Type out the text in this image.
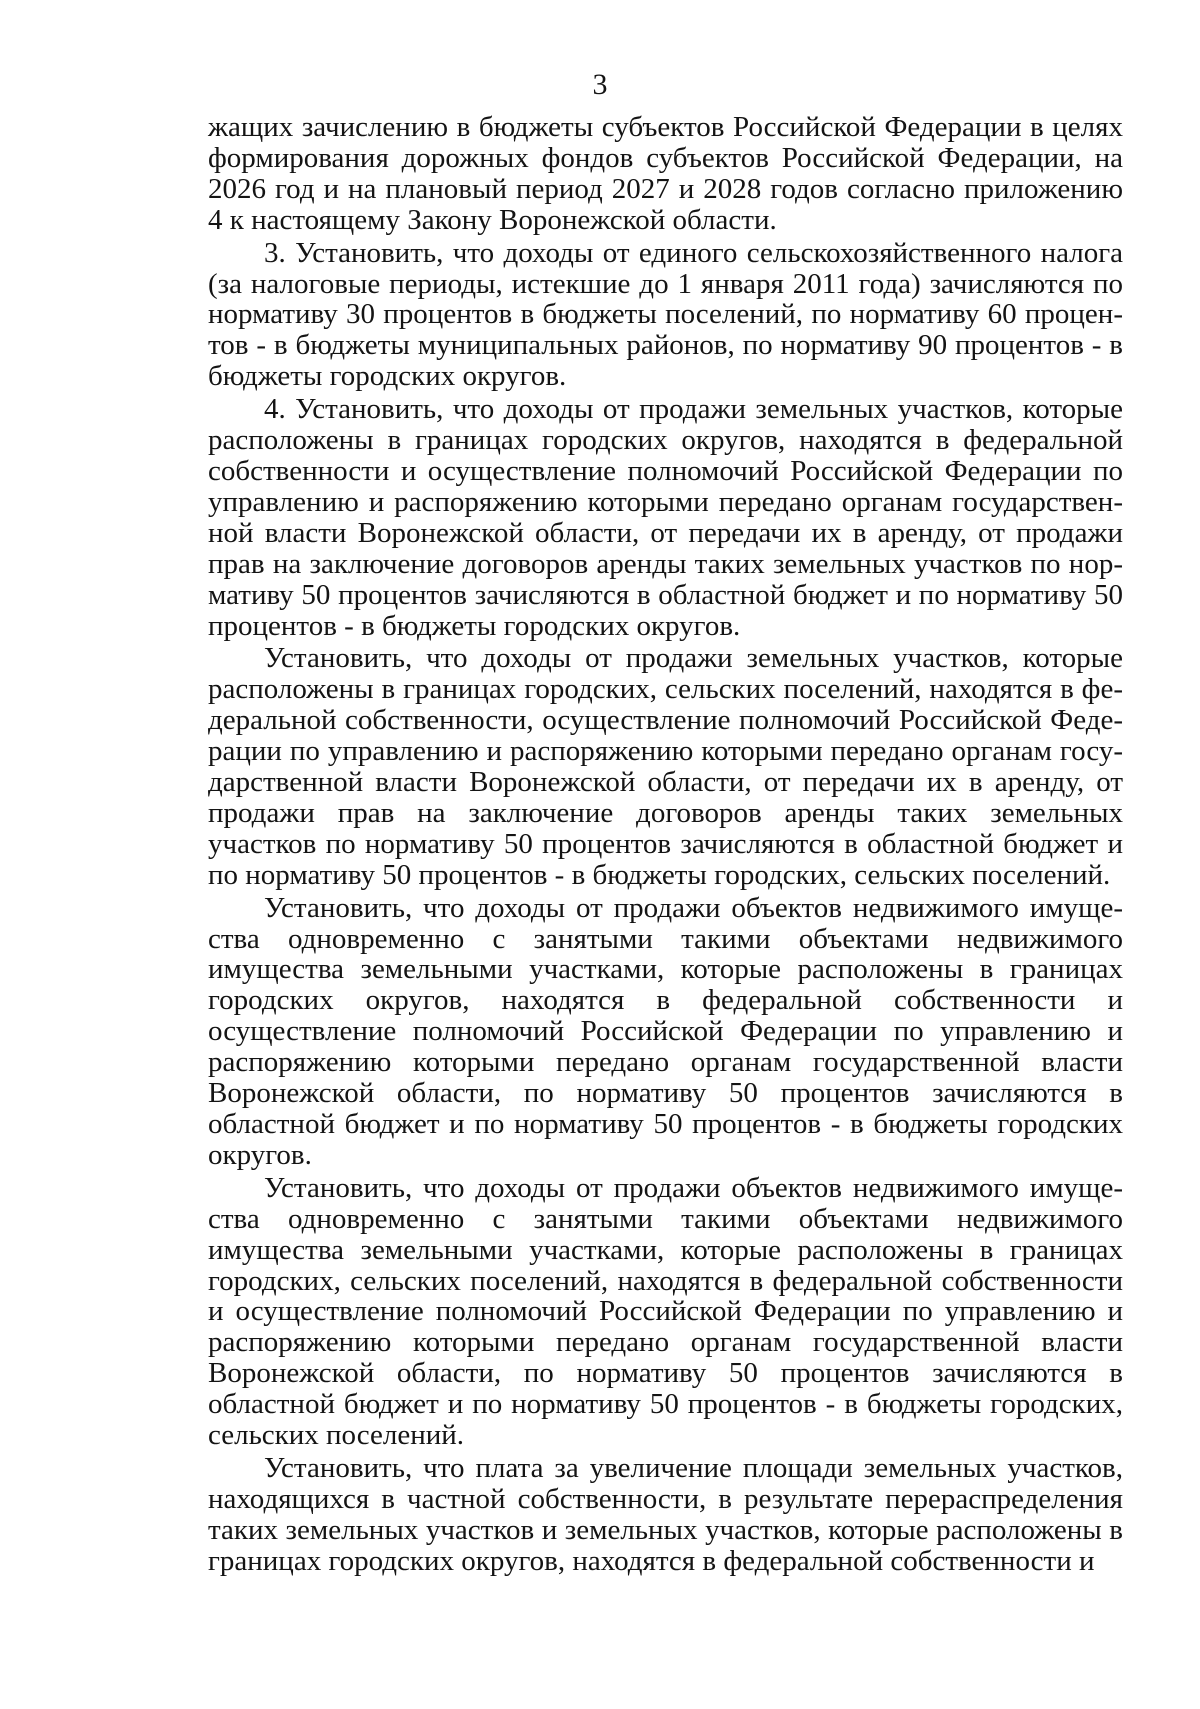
3

жащих зачислению в бюджеты субъектов Российской Федерации в целях формирования дорожных фондов субъектов Российской Федерации, на 2026 год и на плановый период 2027 и 2028 годов согласно приложению 4 к настоящему Закону Воронежской области.

3. Установить, что доходы от единого сельскохозяйственного налога (за налоговые периоды, истекшие до 1 января 2011 года) зачисляются по нормативу 30 процентов в бюджеты поселений, по нормативу 60 процентов - в бюджеты муниципальных районов, по нормативу 90 процентов - в бюджеты городских округов.

4. Установить, что доходы от продажи земельных участков, которые расположены в границах городских округов, находятся в федеральной собственности и осуществление полномочий Российской Федерации по управлению и распоряжению которыми передано органам государственной власти Воронежской области, от передачи их в аренду, от продажи прав на заключение договоров аренды таких земельных участков по нормативу 50 процентов зачисляются в областной бюджет и по нормативу 50 процентов - в бюджеты городских округов.

Установить, что доходы от продажи земельных участков, которые расположены в границах городских, сельских поселений, находятся в федеральной собственности, осуществление полномочий Российской Федерации по управлению и распоряжению которыми передано органам государственной власти Воронежской области, от передачи их в аренду, от продажи прав на заключение договоров аренды таких земельных участков по нормативу 50 процентов зачисляются в областной бюджет и по нормативу 50 процентов - в бюджеты городских, сельских поселений.

Установить, что доходы от продажи объектов недвижимого имущества одновременно с занятыми такими объектами недвижимого имущества земельными участками, которые расположены в границах городских округов, находятся в федеральной собственности и осуществление полномочий Российской Федерации по управлению и распоряжению которыми передано органам государственной власти Воронежской области, по нормативу 50 процентов зачисляются в областной бюджет и по нормативу 50 процентов - в бюджеты городских округов.

Установить, что доходы от продажи объектов недвижимого имущества одновременно с занятыми такими объектами недвижимого имущества земельными участками, которые расположены в границах городских, сельских поселений, находятся в федеральной собственности и осуществление полномочий Российской Федерации по управлению и распоряжению которыми передано органам государственной власти Воронежской области, по нормативу 50 процентов зачисляются в областной бюджет и по нормативу 50 процентов - в бюджеты городских, сельских поселений.

Установить, что плата за увеличение площади земельных участков, находящихся в частной собственности, в результате перераспределения таких земельных участков и земельных участков, которые расположены в границах городских округов, находятся в федеральной собственности и
